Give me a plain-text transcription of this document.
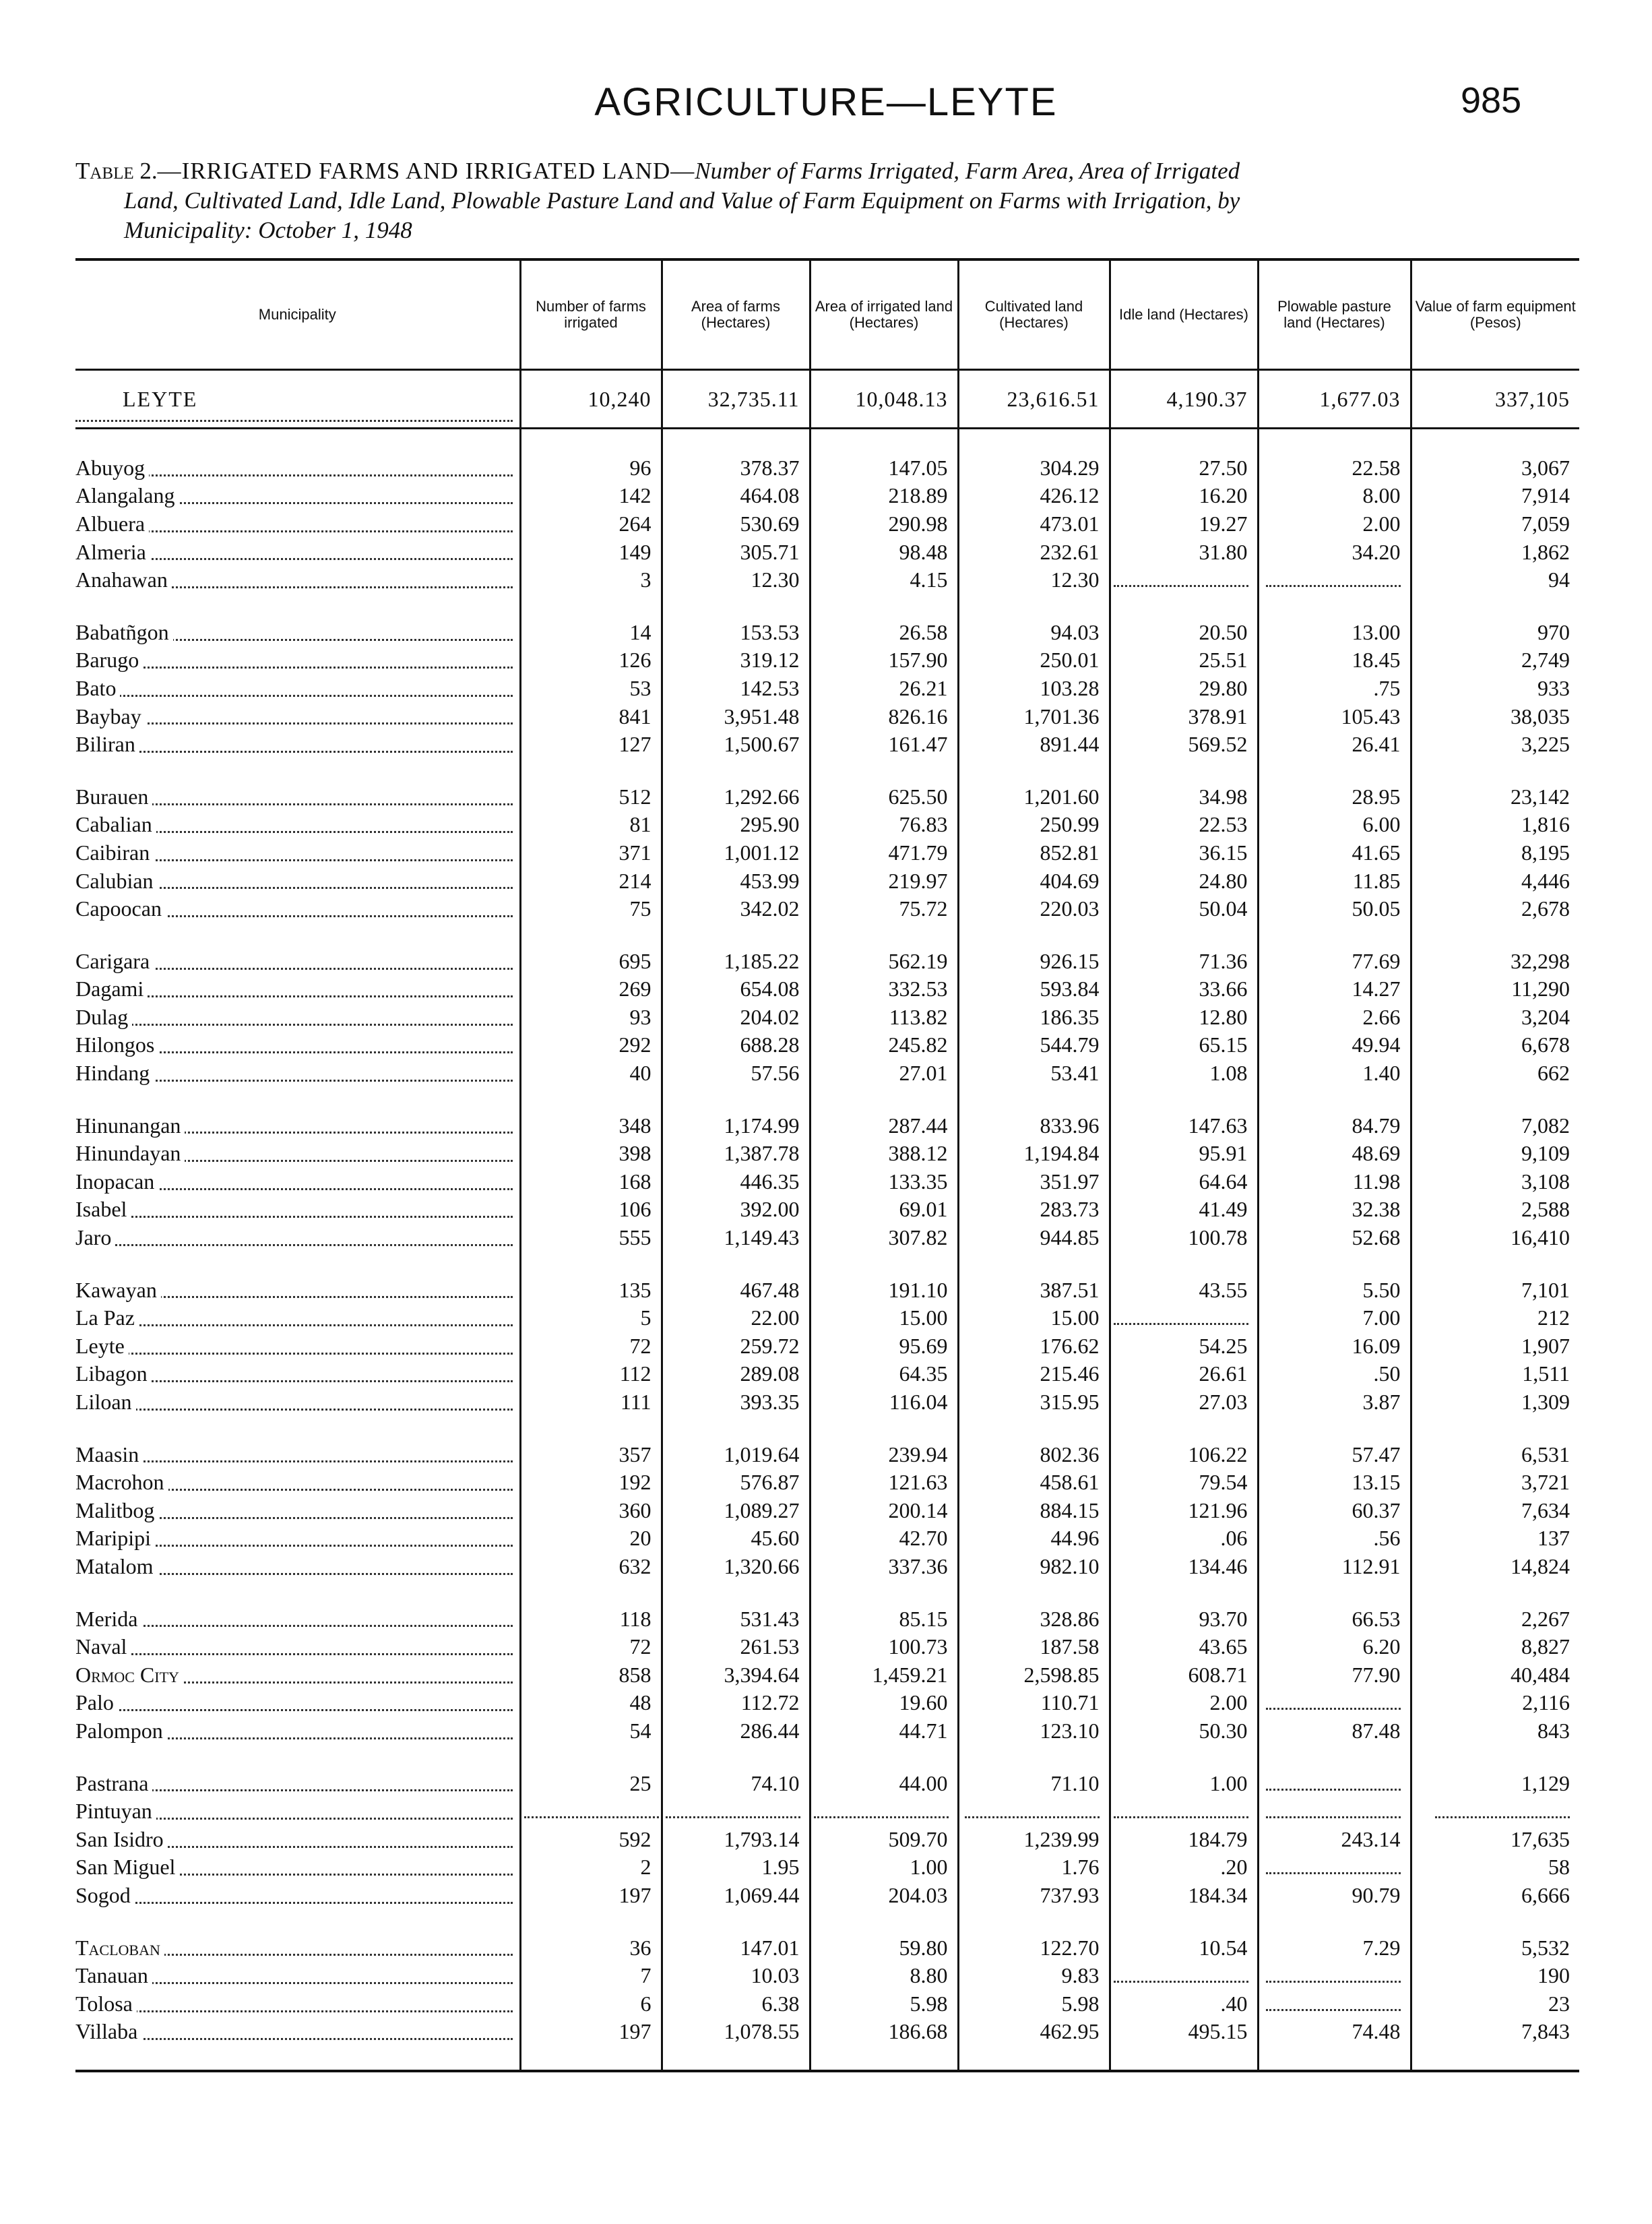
AGRICULTURE—LEYTE	985
Table 2.—IRRIGATED FARMS AND IRRIGATED LAND—Number of Farms Irrigated, Farm Area, Area of Irrigated
Land, Cultivated Land, Idle Land, Plowable Pasture Land and Value of Farm Equipment on Farms with Irrigation, by
Municipality: October 1, 1948
Municipality	Number of farms irrigated	Area of farms (Hectares)	Area of irrigated land (Hectares)	Cultivated land (Hectares)	Idle land (Hectares)	Plowable pasture land (Hectares)	Value of farm equipment (Pesos)

LEYTE	10,240	32,735.11	10,048.13	23,616.51	4,190.37	1,677.03	337,105

Abuyog	96	378.37	147.05	304.29	27.50	22.58	3,067

Alangalang	142	464.08	218.89	426.12	16.20	8.00	7,914

Albuera	264	530.69	290.98	473.01	19.27	2.00	7,059

Almeria	149	305.71	98.48	232.61	31.80	34.20	1,862

Anahawan	3	12.30	4.15	12.30			94

Babatñgon	14	153.53	26.58	94.03	20.50	13.00	970

Barugo	126	319.12	157.90	250.01	25.51	18.45	2,749

Bato	53	142.53	26.21	103.28	29.80	.75	933

Baybay	841	3,951.48	826.16	1,701.36	378.91	105.43	38,035

Biliran	127	1,500.67	161.47	891.44	569.52	26.41	3,225

Burauen	512	1,292.66	625.50	1,201.60	34.98	28.95	23,142

Cabalian	81	295.90	76.83	250.99	22.53	6.00	1,816

Caibiran	371	1,001.12	471.79	852.81	36.15	41.65	8,195

Calubian	214	453.99	219.97	404.69	24.80	11.85	4,446

Capoocan	75	342.02	75.72	220.03	50.04	50.05	2,678

Carigara	695	1,185.22	562.19	926.15	71.36	77.69	32,298

Dagami	269	654.08	332.53	593.84	33.66	14.27	11,290

Dulag	93	204.02	113.82	186.35	12.80	2.66	3,204

Hilongos	292	688.28	245.82	544.79	65.15	49.94	6,678

Hindang	40	57.56	27.01	53.41	1.08	1.40	662

Hinunangan	348	1,174.99	287.44	833.96	147.63	84.79	7,082

Hinundayan	398	1,387.78	388.12	1,194.84	95.91	48.69	9,109

Inopacan	168	446.35	133.35	351.97	64.64	11.98	3,108

Isabel	106	392.00	69.01	283.73	41.49	32.38	2,588

Jaro	555	1,149.43	307.82	944.85	100.78	52.68	16,410

Kawayan	135	467.48	191.10	387.51	43.55	5.50	7,101

La Paz	5	22.00	15.00	15.00		7.00	212

Leyte	72	259.72	95.69	176.62	54.25	16.09	1,907

Libagon	112	289.08	64.35	215.46	26.61	.50	1,511

Liloan	111	393.35	116.04	315.95	27.03	3.87	1,309

Maasin	357	1,019.64	239.94	802.36	106.22	57.47	6,531

Macrohon	192	576.87	121.63	458.61	79.54	13.15	3,721

Malitbog	360	1,089.27	200.14	884.15	121.96	60.37	7,634

Maripipi	20	45.60	42.70	44.96	.06	.56	137

Matalom	632	1,320.66	337.36	982.10	134.46	112.91	14,824

Merida	118	531.43	85.15	328.86	93.70	66.53	2,267

Naval	72	261.53	100.73	187.58	43.65	6.20	8,827

Ormoc City	858	3,394.64	1,459.21	2,598.85	608.71	77.90	40,484

Palo	48	112.72	19.60	110.71	2.00		2,116

Palompon	54	286.44	44.71	123.10	50.30	87.48	843

Pastrana	25	74.10	44.00	71.10	1.00		1,129

Pintuyan							

San Isidro	592	1,793.14	509.70	1,239.99	184.79	243.14	17,635

San Miguel	2	1.95	1.00	1.76	.20		58

Sogod	197	1,069.44	204.03	737.93	184.34	90.79	6,666

Tacloban	36	147.01	59.80	122.70	10.54	7.29	5,532

Tanauan	7	10.03	8.80	9.83			190

Tolosa	6	6.38	5.98	5.98	.40		23

Villaba	197	1,078.55	186.68	462.95	495.15	74.48	7,843
